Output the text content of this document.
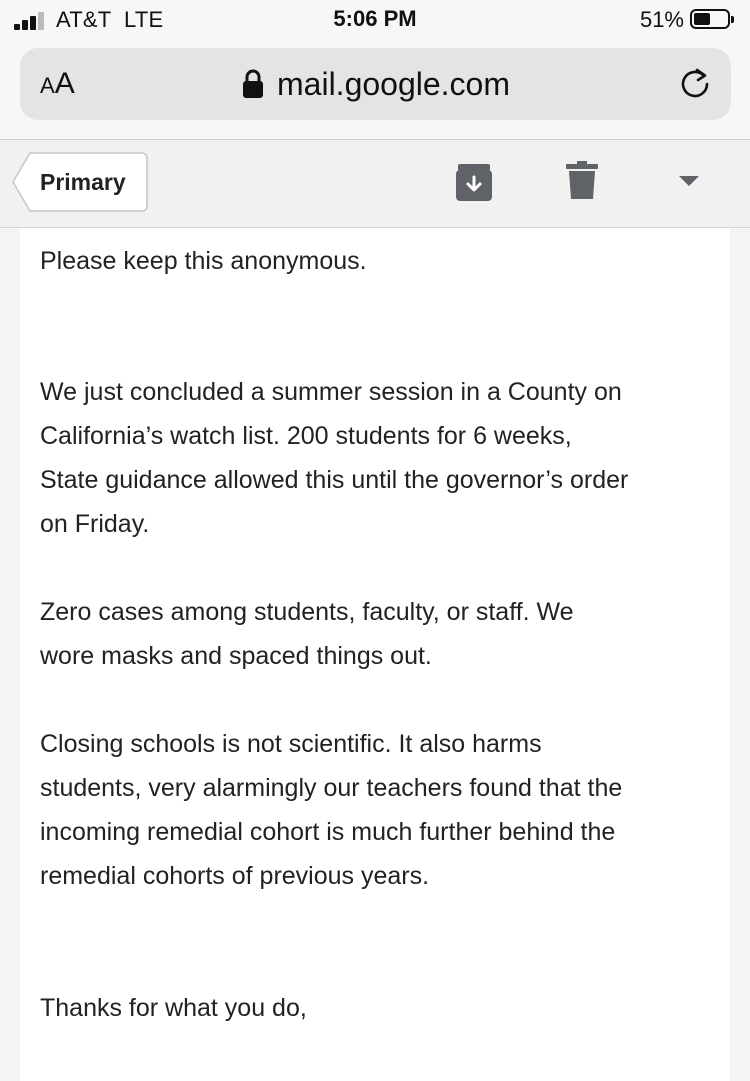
AT&T LTE	5:06 PM	51%
AA	mail.google.com
Primary
Please keep this anonymous.
We just concluded a summer session in a County on
California’s watch list. 200 students for 6 weeks,
State guidance allowed this until the governor’s order
on Friday.
Zero cases among students, faculty, or staff. We
wore masks and spaced things out.
Closing schools is not scientific. It also harms
students, very alarmingly our teachers found that the
incoming remedial cohort is much further behind the
remedial cohorts of previous years.
Thanks for what you do,
